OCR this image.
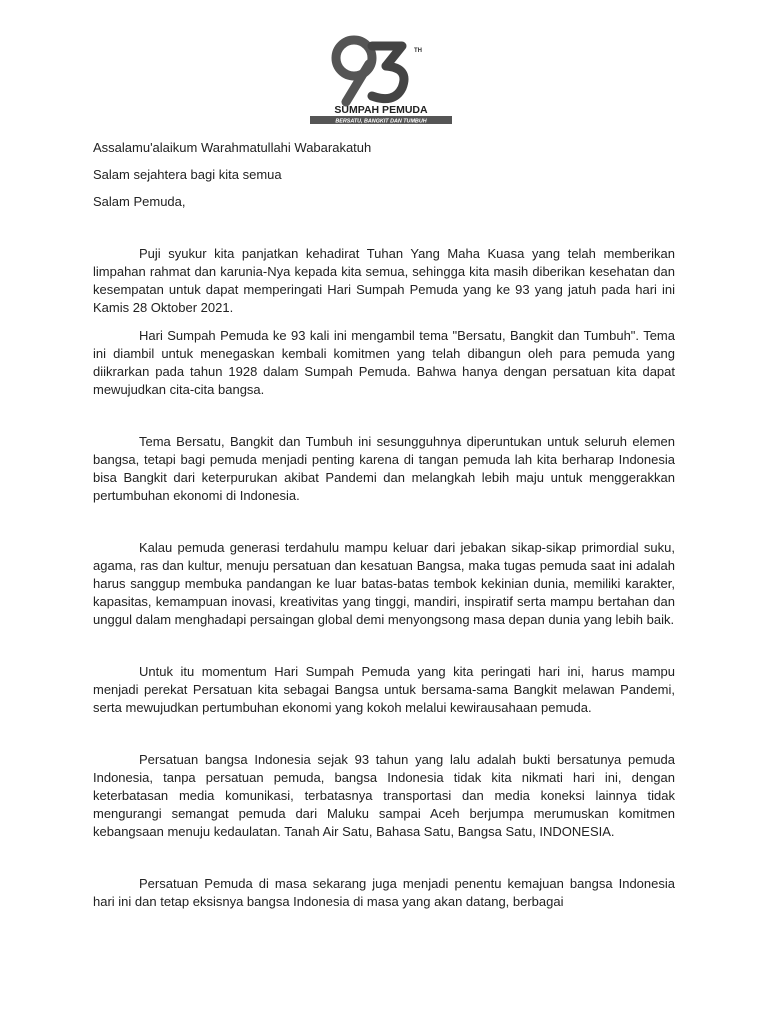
TH
SUMPAH PEMUDA
BERSATU, BANGKIT DAN TUMBUH
Assalamu'alaikum Warahmatullahi Wabarakatuh
Salam sejahtera bagi kita semua
Salam Pemuda,

Puji syukur kita panjatkan kehadirat Tuhan Yang Maha Kuasa yang telah memberikan limpahan rahmat dan karunia-Nya kepada kita semua, sehingga kita masih diberikan kesehatan dan kesempatan untuk dapat memperingati Hari Sumpah Pemuda yang ke 93 yang jatuh pada hari ini Kamis 28 Oktober 2021.

Hari Sumpah Pemuda ke 93 kali ini mengambil tema "Bersatu, Bangkit dan Tumbuh". Tema ini diambil untuk menegaskan kembali komitmen yang telah dibangun oleh para pemuda yang diikrarkan pada tahun 1928 dalam Sumpah Pemuda. Bahwa hanya dengan persatuan kita dapat mewujudkan cita-cita bangsa.

Tema Bersatu, Bangkit dan Tumbuh ini sesungguhnya diperuntukan untuk seluruh elemen bangsa, tetapi bagi pemuda menjadi penting karena di tangan pemuda lah kita berharap Indonesia bisa Bangkit dari keterpurukan akibat Pandemi dan melangkah lebih maju untuk menggerakkan pertumbuhan ekonomi di Indonesia.

Kalau pemuda generasi terdahulu mampu keluar dari jebakan sikap-sikap primordial suku, agama, ras dan kultur, menuju persatuan dan kesatuan Bangsa, maka tugas pemuda saat ini adalah harus sanggup membuka pandangan ke luar batas-batas tembok kekinian dunia, memiliki karakter, kapasitas, kemampuan inovasi, kreativitas yang tinggi, mandiri, inspiratif serta mampu bertahan dan unggul dalam menghadapi persaingan global demi menyongsong masa depan dunia yang lebih baik.

Untuk itu momentum Hari Sumpah Pemuda yang kita peringati hari ini, harus mampu menjadi perekat Persatuan kita sebagai Bangsa untuk bersama-sama Bangkit melawan Pandemi, serta mewujudkan pertumbuhan ekonomi yang kokoh melalui kewirausahaan pemuda.

Persatuan bangsa Indonesia sejak 93 tahun yang lalu adalah bukti bersatunya pemuda Indonesia, tanpa persatuan pemuda, bangsa Indonesia tidak kita nikmati hari ini, dengan keterbatasan media komunikasi, terbatasnya transportasi dan media koneksi lainnya tidak mengurangi semangat pemuda dari Maluku sampai Aceh berjumpa merumuskan komitmen kebangsaan menuju kedaulatan. Tanah Air Satu, Bahasa Satu, Bangsa Satu, INDONESIA.

Persatuan Pemuda di masa sekarang juga menjadi penentu kemajuan bangsa Indonesia hari ini dan tetap eksisnya bangsa Indonesia di masa yang akan datang, berbagai
